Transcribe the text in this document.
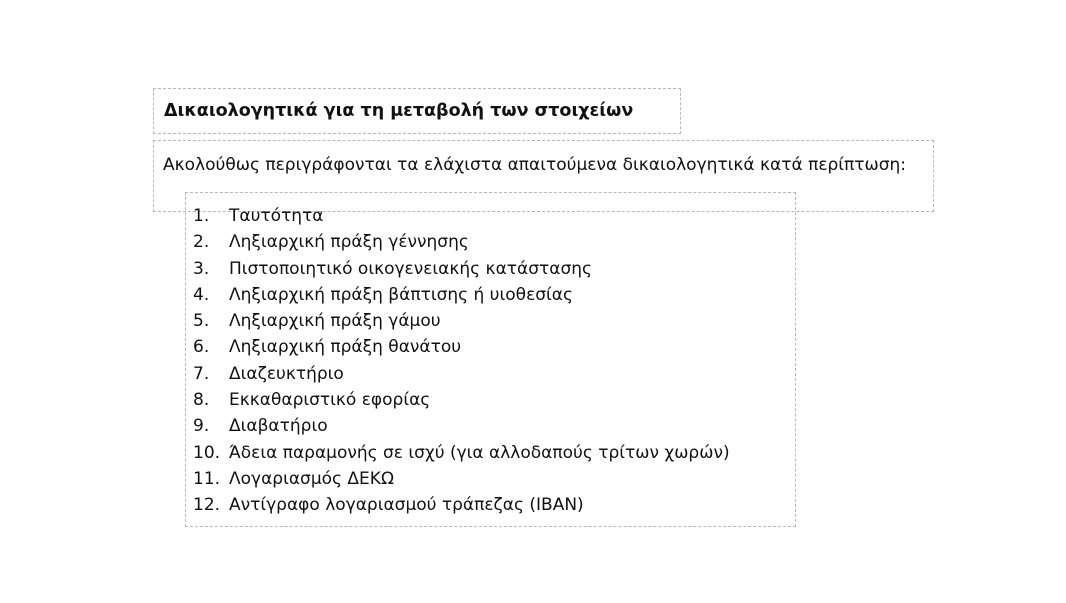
Δικαιολογητικά για τη μεταβολή των στοιχείων

Ακολούθως περιγράφονται τα ελάχιστα απαιτούμενα δικαιολογητικά κατά περίπτωση:

1.	Ταυτότητα
2.	Ληξιαρχική πράξη γέννησης
3.	Πιστοποιητικό οικογενειακής κατάστασης
4.	Ληξιαρχική πράξη βάπτισης ή υιοθεσίας
5.	Ληξιαρχική πράξη γάμου
6.	Ληξιαρχική πράξη θανάτου
7.	Διαζευκτήριο
8.	Εκκαθαριστικό εφορίας
9.	Διαβατήριο
10. Άδεια παραμονής σε ισχύ (για αλλοδαπούς τρίτων χωρών)
11. Λογαριασμός ΔΕΚΩ
12. Αντίγραφο λογαριασμού τράπεζας (IBAN)
